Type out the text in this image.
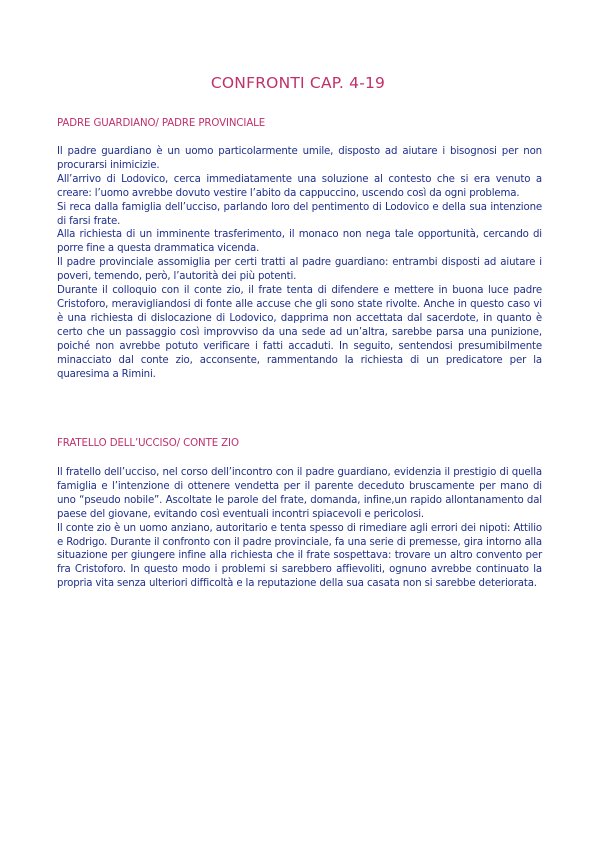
CONFRONTI CAP. 4-19
PADRE GUARDIANO/ PADRE PROVINCIALE

Il padre guardiano è un uomo particolarmente umile, disposto ad aiutare i bisognosi per non procurarsi inimicizie.

All’arrivo di Lodovico, cerca immediatamente una soluzione al contesto che si era venuto a creare: l’uomo avrebbe dovuto vestire l’abito da cappuccino, uscendo così da ogni problema.

Si reca dalla famiglia dell’ucciso, parlando loro del pentimento di Lodovico e della sua intenzione di farsi frate.

Alla richiesta di un imminente trasferimento, il monaco non nega tale opportunità, cercando di porre fine a questa drammatica vicenda.

Il padre provinciale assomiglia per certi tratti al padre guardiano: entrambi disposti ad aiutare i poveri, temendo, però, l’autorità dei più potenti.

Durante il colloquio con il conte zio, il frate tenta di difendere e mettere in buona luce padre Cristoforo, meravigliandosi di fonte alle accuse che gli sono state rivolte. Anche in questo caso vi è una richiesta di dislocazione di Lodovico, dapprima non accettata dal sacerdote, in quanto è certo che un passaggio così improvviso da una sede ad un’altra, sarebbe parsa una punizione, poiché non avrebbe potuto verificare i fatti accaduti. In seguito, sentendosi presumibilmente minacciato dal conte zio, acconsente, rammentando la richiesta di un predicatore per la quaresima a Rimini.

FRATELLO DELL’UCCISO/ CONTE ZIO

Il fratello dell’ucciso, nel corso dell’incontro con il padre guardiano, evidenzia il prestigio di quella famiglia e l’intenzione di ottenere vendetta per il parente deceduto bruscamente per mano di uno “pseudo nobile”. Ascoltate le parole del frate, domanda, infine,un rapido allontanamento dal paese del giovane, evitando così eventuali incontri spiacevoli e pericolosi.

Il conte zio è un uomo anziano, autoritario e tenta spesso di rimediare agli errori dei nipoti: Attilio e Rodrigo. Durante il confronto con il padre provinciale, fa una serie di premesse, gira intorno alla situazione per giungere infine alla richiesta che il frate sospettava: trovare un altro convento per fra Cristoforo. In questo modo i problemi si sarebbero affievoliti, ognuno avrebbe continuato la propria vita senza ulteriori difficoltà e la reputazione della sua casata non si sarebbe deteriorata.
